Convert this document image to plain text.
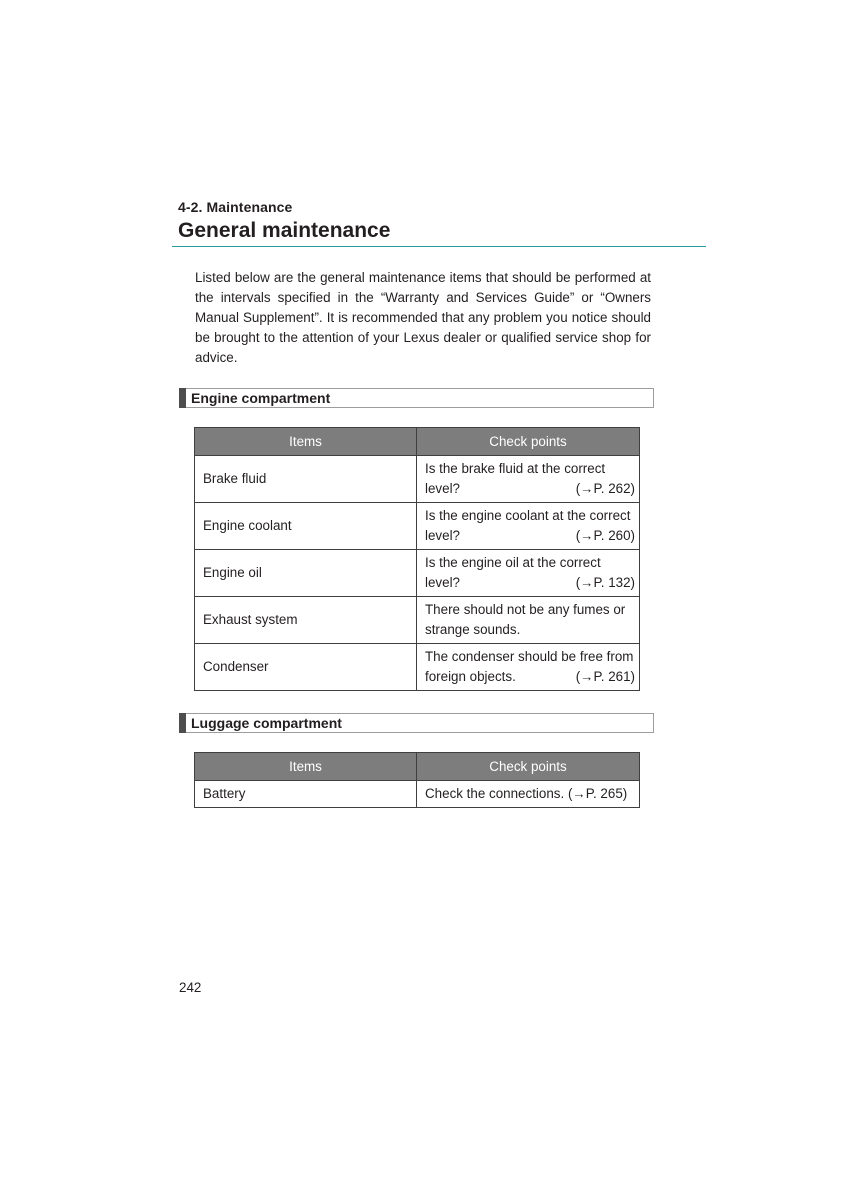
4-2. Maintenance
General maintenance

Listed below are the general maintenance items that should be performed at the intervals specified in the “Warranty and Services Guide” or “Owners Manual Supplement”. It is recommended that any problem you notice should be brought to the attention of your Lexus dealer or qualified service shop for advice.

Engine compartment
Items	Check points
Brake fluid	Is the brake fluid at the correct level? (→P. 262)

Engine coolant	Is the engine coolant at the correct level? (→P. 260)

Engine oil	Is the engine oil at the correct level? (→P. 132)

Exhaust system	There should not be any fumes or strange sounds.
Condenser	The condenser should be free from foreign objects. (→P. 261)
Luggage compartment
Items	Check points
Battery	Check the connections. (→P. 265)
242
